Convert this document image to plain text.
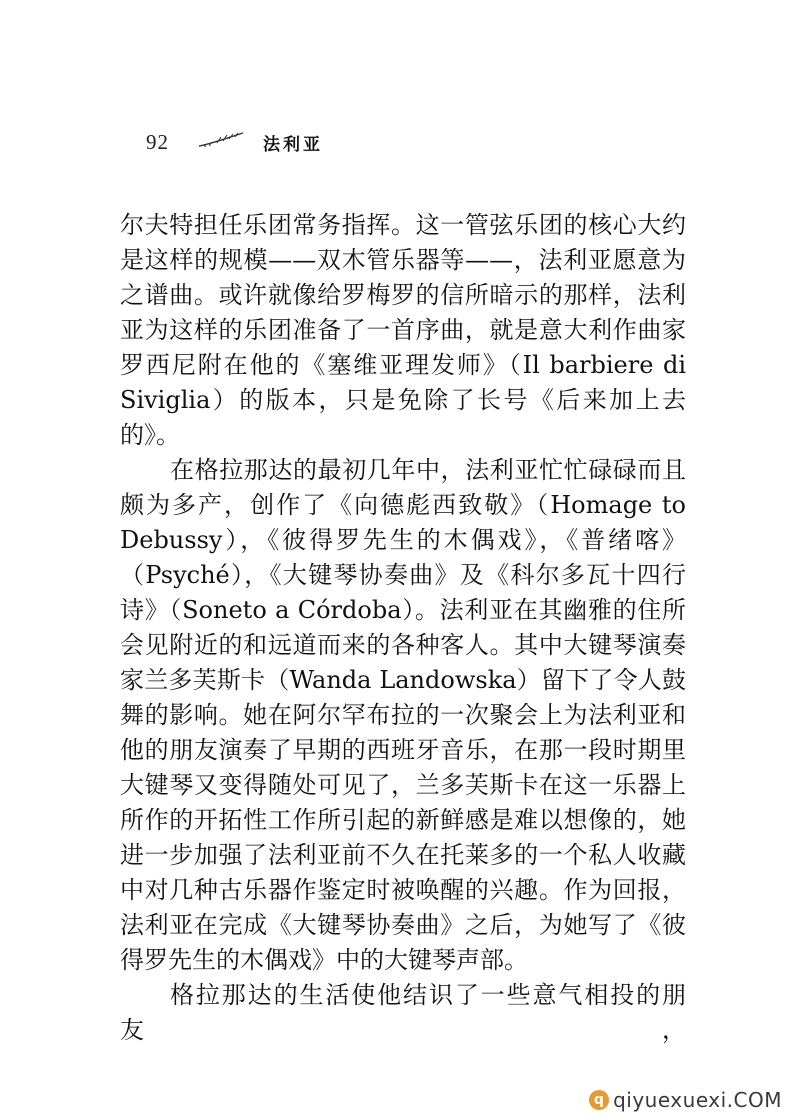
92	法利亚

尔夫特担任乐团常务指挥。这一管弦乐团的核心大约是这样的规模——双木管乐器等——，法利亚愿意为之谱曲。或许就像给罗梅罗的信所暗示的那样，法利亚为这样的乐团准备了一首序曲，就是意大利作曲家罗西尼附在他的《塞维亚理发师》（Il barbiere di Siviglia）的版本，只是免除了长号《后来加上去的》。

在格拉那达的最初几年中，法利亚忙忙碌碌而且颇为多产，创作了《向德彪西致敬》（Homage to Debussy），《彼得罗先生的木偶戏》，《普绪喀》（Psyché），《大键琴协奏曲》及《科尔多瓦十四行诗》（Soneto a Córdoba）。法利亚在其幽雅的住所会见附近的和远道而来的各种客人。其中大键琴演奏家兰多芙斯卡（Wanda Landowska）留下了令人鼓舞的影响。她在阿尔罕布拉的一次聚会上为法利亚和他的朋友演奏了早期的西班牙音乐，在那一段时期里大键琴又变得随处可见了，兰多芙斯卡在这一乐器上所作的开拓性工作所引起的新鲜感是难以想像的，她进一步加强了法利亚前不久在托莱多的一个私人收藏中对几种古乐器作鉴定时被唤醒的兴趣。作为回报，法利亚在完成《大键琴协奏曲》之后，为她写了《彼得罗先生的木偶戏》中的大键琴声部。

格拉那达的生活使他结识了一些意气相投的朋友，

q qiyuexuexi.COM
